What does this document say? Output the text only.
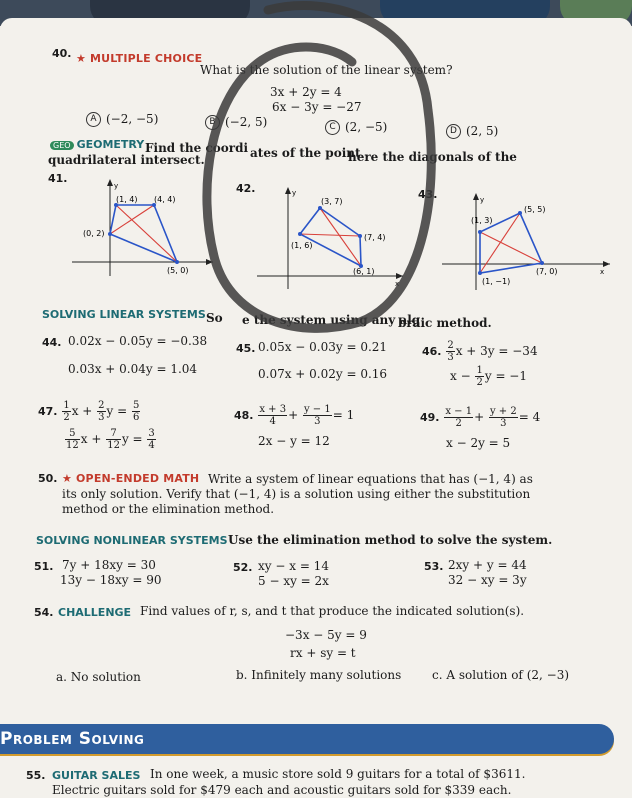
40. ★ MULTIPLE CHOICE
What is the solution of the linear system?
3x + 2y = 4
6x − 3y = −27
A (−2, −5)	B (−2, 5)	C (2, −5)	D (2, 5)
GEO GEOMETRY Find the coordi ates of the point
here the diagonals of the
quadrilateral intersect.
41.
y
(1, 4) (4, 4)
(0, 2)
(5, 0)
42.	y
x
(3, 7)
(7, 4)
(1, 6)
(6, 1)
43.	y
x
(5, 5)
(1, 3)
(7, 0)
(1, −1)
SOLVING LINEAR SYSTEMS So e the system using any alg
braic method.
44. 0.02x − 0.05y = −0.38
0.03x + 0.04y = 1.04
45. 0.05x − 0.03y = 0.21
0.07x + 0.02y = 0.16
46. $\frac{2}{3}$ x + 3y = −34
$x - \frac{1}{2}$ y = −1
47. $\frac{1}{2}$ $x + \frac{2}{3}$ $y = \frac{5}{6}$
$\frac{5}{12}$ $x + \frac{7}{12}$ $y = \frac{3}{4}$
48. $\frac{x + 3}{4} + \frac{y - 1}{3} = 1$
2x − y = 12
49. $\frac{x - 1}{2} + \frac{y + 2}{3} = 4$
x − 2y = 5
50. ★ OPEN-ENDED MATH Write a system of linear equations that has (−1, 4) as
its only solution. Verify that (−1, 4) is a solution using either the substitution
method or the elimination method.
SOLVING NONLINEAR SYSTEMS Use the elimination method to solve the system.
51. 7y + 18xy = 30
13y − 18xy = 90
52. xy − x = 14
5 − xy = 2x
53. 2xy + y = 44
32 − xy = 3y
54. CHALLENGE Find values of r, s, and t that produce the indicated solution(s).
−3x − 5y = 9
rx + sy = t
a. No solution	b. Infinitely many solutions	c. A solution of (2, −3)
Problem Solving
55. GUITAR SALES In one week, a music store sold 9 guitars for a total of $3611.
Electric guitars sold for $479 each and acoustic guitars sold for $339 each.
